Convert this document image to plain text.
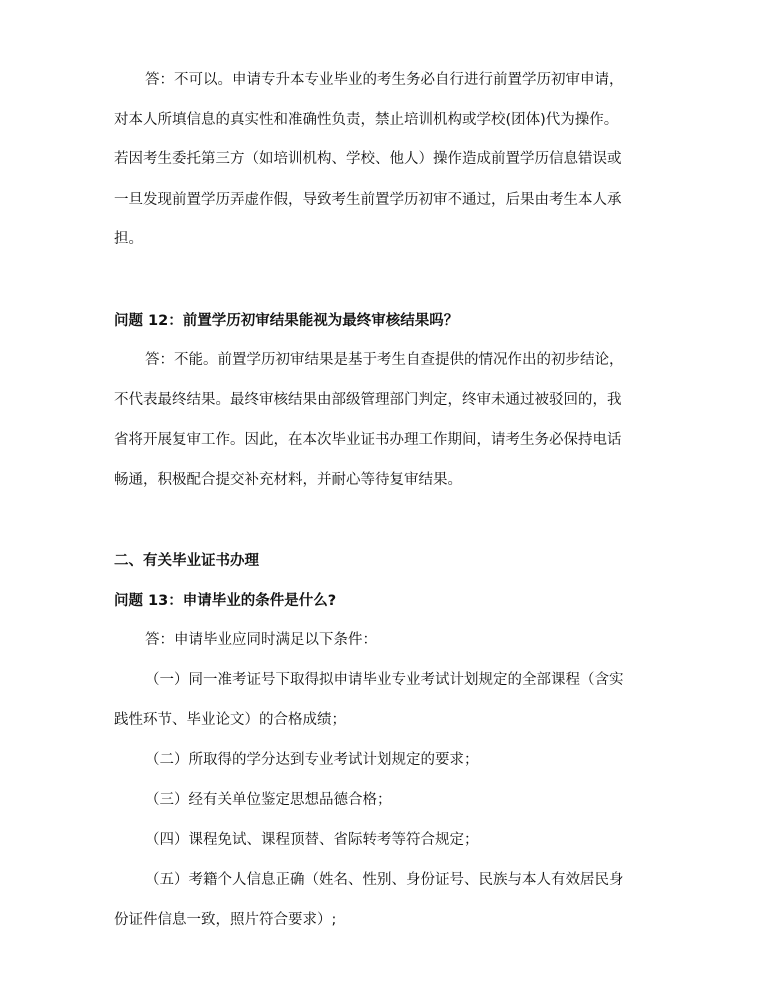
答：不可以。申请专升本专业毕业的考生务必自行进行前置学历初审申请，
对本人所填信息的真实性和准确性负责，禁止培训机构或学校(团体)代为操作。
若因考生委托第三方（如培训机构、学校、他人）操作造成前置学历信息错误或
一旦发现前置学历弄虚作假，导致考生前置学历初审不通过，后果由考生本人承
担。
问题 12：前置学历初审结果能视为最终审核结果吗？
答：不能。前置学历初审结果是基于考生自查提供的情况作出的初步结论，
不代表最终结果。最终审核结果由部级管理部门判定，终审未通过被驳回的，我
省将开展复审工作。因此，在本次毕业证书办理工作期间，请考生务必保持电话
畅通，积极配合提交补充材料，并耐心等待复审结果。
二、有关毕业证书办理
问题 13：申请毕业的条件是什么?
答：申请毕业应同时满足以下条件：
（一）同一准考证号下取得拟申请毕业专业考试计划规定的全部课程（含实
践性环节、毕业论文）的合格成绩；
（二）所取得的学分达到专业考试计划规定的要求；
（三）经有关单位鉴定思想品德合格；
（四）课程免试、课程顶替、省际转考等符合规定；
（五）考籍个人信息正确（姓名、性别、身份证号、民族与本人有效居民身
份证件信息一致，照片符合要求）;
